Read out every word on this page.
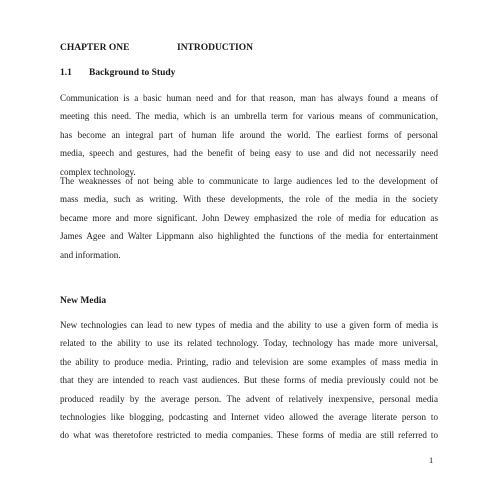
CHAPTER ONE	INTRODUCTION
1.1 Background to Study
Communication is a basic human need and for that reason, man has always found a means of
meeting this need. The media, which is an umbrella term for various means of communication,
has become an integral part of human life around the world. The earliest forms of personal
media, speech and gestures, had the benefit of being easy to use and did not necessarily need
complex technology.
The weaknesses of not being able to communicate to large audiences led to the development of
mass media, such as writing. With these developments, the role of the media in the society
became more and more significant. John Dewey emphasized the role of media for education as
James Agee and Walter Lippmann also highlighted the functions of the media for entertainment
and information.
New Media
New technologies can lead to new types of media and the ability to use a given form of media is
related to the ability to use its related technology. Today, technology has made more universal,
the ability to produce media. Printing, radio and television are some examples of mass media in
that they are intended to reach vast audiences. But these forms of media previously could not be
produced readily by the average person. The advent of relatively inexpensive, personal media
technologies like blogging, podcasting and Internet video allowed the average literate person to
do what was theretofore restricted to media companies. These forms of media are still referred to
1
